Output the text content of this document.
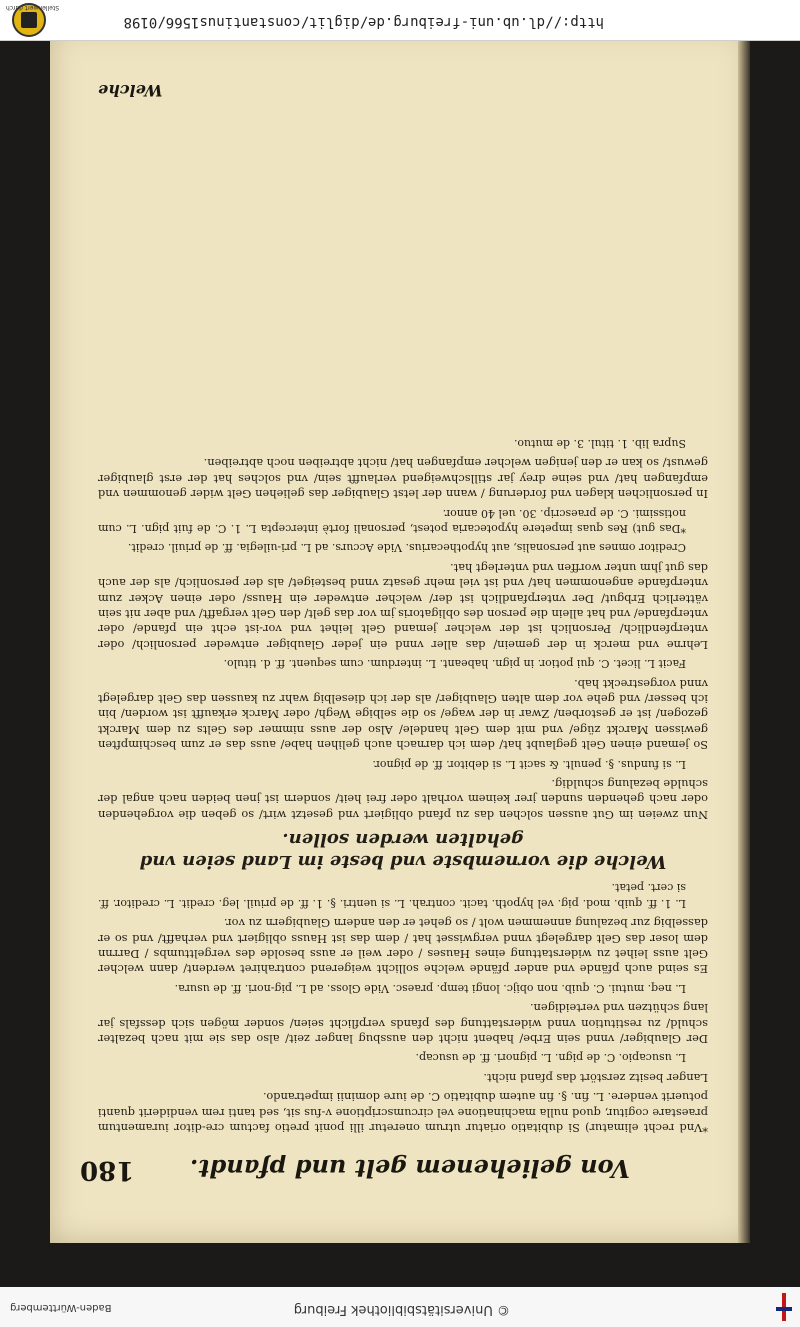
© Universitätsbibliothek Freiburg
Baden-Württemberg
Von geliehenem gelt und pfandt.
180

*Vnd recht elimatur) Si dubitatio oriatur utrum oneretur illi ponit pretio factum cre-ditor iuramentum praestare cogitur, quod nulla machinatione vel circumscriptione v-fus sit, sed tanti rem vendiderit quanti potuerit vendere. L. fin. §. fin autem dubitatio C. de iure dominii impetrando.

Langer besitz zerstört das pfand nicht.

L. usucapio. C. de pign. L. pignori. ff. de usucap.

Der Glaubiger/ vnnd sein Erbe/ habent nicht den aussbug langer zeit/ also das sie mit nach bezalter schuld/ zu restitution vnnd widerstattung des pfands verpflicht seien/ sonder mögen sich dessfals jar lang schützen vnd verteidigen.

L. neq. mutui. C. quib. non obijc. longi temp. praesc. Vide Gloss. ad L. pig-nori. ff. de usura.

Es seind auch pfände vnd ander pfände welche sollicht weigerend contrahiret werdent/ dann welcher Gelt auss leihet zu widerstattung eines Hauses / oder weil er auss besolde des vergelttumbs / Darrnn dem loser das Gelt dargelegt vnnd vergwisset hat / dem das ist Hauss obligiert vnd verhafft/ vnd so er dasselbig zur bezalung annemmen wolt / so gehet er den andern Glaubigern zu vor.

L. 1. ff. quib. mod. pig. vel hypoth. tacit. contrah. L. si uentri. §. 1. ff. de priuil. leg. credit. L. creditor. ff. si cert. petat.

Welche die vornembste vnd beste im Land seien vnd gehalten werden sollen.

Nun zweien im Gut aussen solchen das zu pfand obligiert vnd gesetzt wirt/ so geben die vorgehenden oder nach gehenden sunden jrer keinem vorhalt oder frei heit/ sondern ist jnen beiden nach angal der schulde bezalung schuldig.

L. si fundus. §. penult. & sacit L. si debitor. ff. de pignor.

So jemand einen Gelt geglaubt hat/ dem ich darnach auch gelihen habe/ auss das er zum beschimpften gewissen Marckt züge/ vnd mit dem Gelt handele/ Also der auss nimmer des Gelts zu dem Marckt gezogen/ ist er gestorben/ Zwar in der wage/ so die selbige Wegh/ oder Marck erkaufft ist worden/ bin ich besser/ vnd gehe vor dem alten Glaubiger/ als der ich dieselbig wahr zu kaussen das Gelt dargelegt vnnd vorgestreckt hab.

Facit L. licet. C. qui potior. in pign. habeant. L. interdum. cum sequent. ff. d. titulo.

Lehrne vnd merck in der gemein/ das aller vnnd ein jeder Glaubiger entweder personlich/ oder vnterpfendlich/ Personlich ist der welcher jemand Gelt leihet vnd vor-ist echt ein pfande/ oder vnterpfande/ vnd hat allein die person des obligatoris jm vor das gelt/ den Gelt vergafft/ vnd aber nit sein vätterlich Erbgut/ Der vnterpfandlich ist der/ welcher entweder ein Hauss/ oder einen Acker zum vnterpfande angenommen hat/ vnd ist viel mehr gesatz vnnd besteiget/ als der personlich/ als der auch das gut jhm unter worffen vnd vnterlegt hat.

Creditor omnes aut personalis, aut hypothecarius. Vide Accurs. ad L. pri-uilegia. ff. de priuil. credit.

*Das gut) Res quas impetere hypotecaria potest, personali fortè intercepta L. 1. C. de fuit pign. L. cum notissimi. C. de praescrip. 30. uel 40 annor.

In personlichen klagen vnd forderung / wann der letst Glaubiger das geliehen Gelt wider genommen vnd empfangen hat/ vnd seine drey jar stillschweigend verlaufft sein/ vnd solches hat der erst glaubiger gewust/ so kan er den jenigen welcher empfangen hat/ nicht abtreiben noch abtreiben.

Supra lib. 1. titul. 3. de mutuo.

Welche
http://dl.ub.uni-freiburg.de/diglit/constantinus1566/0198
Stellenwert durch
